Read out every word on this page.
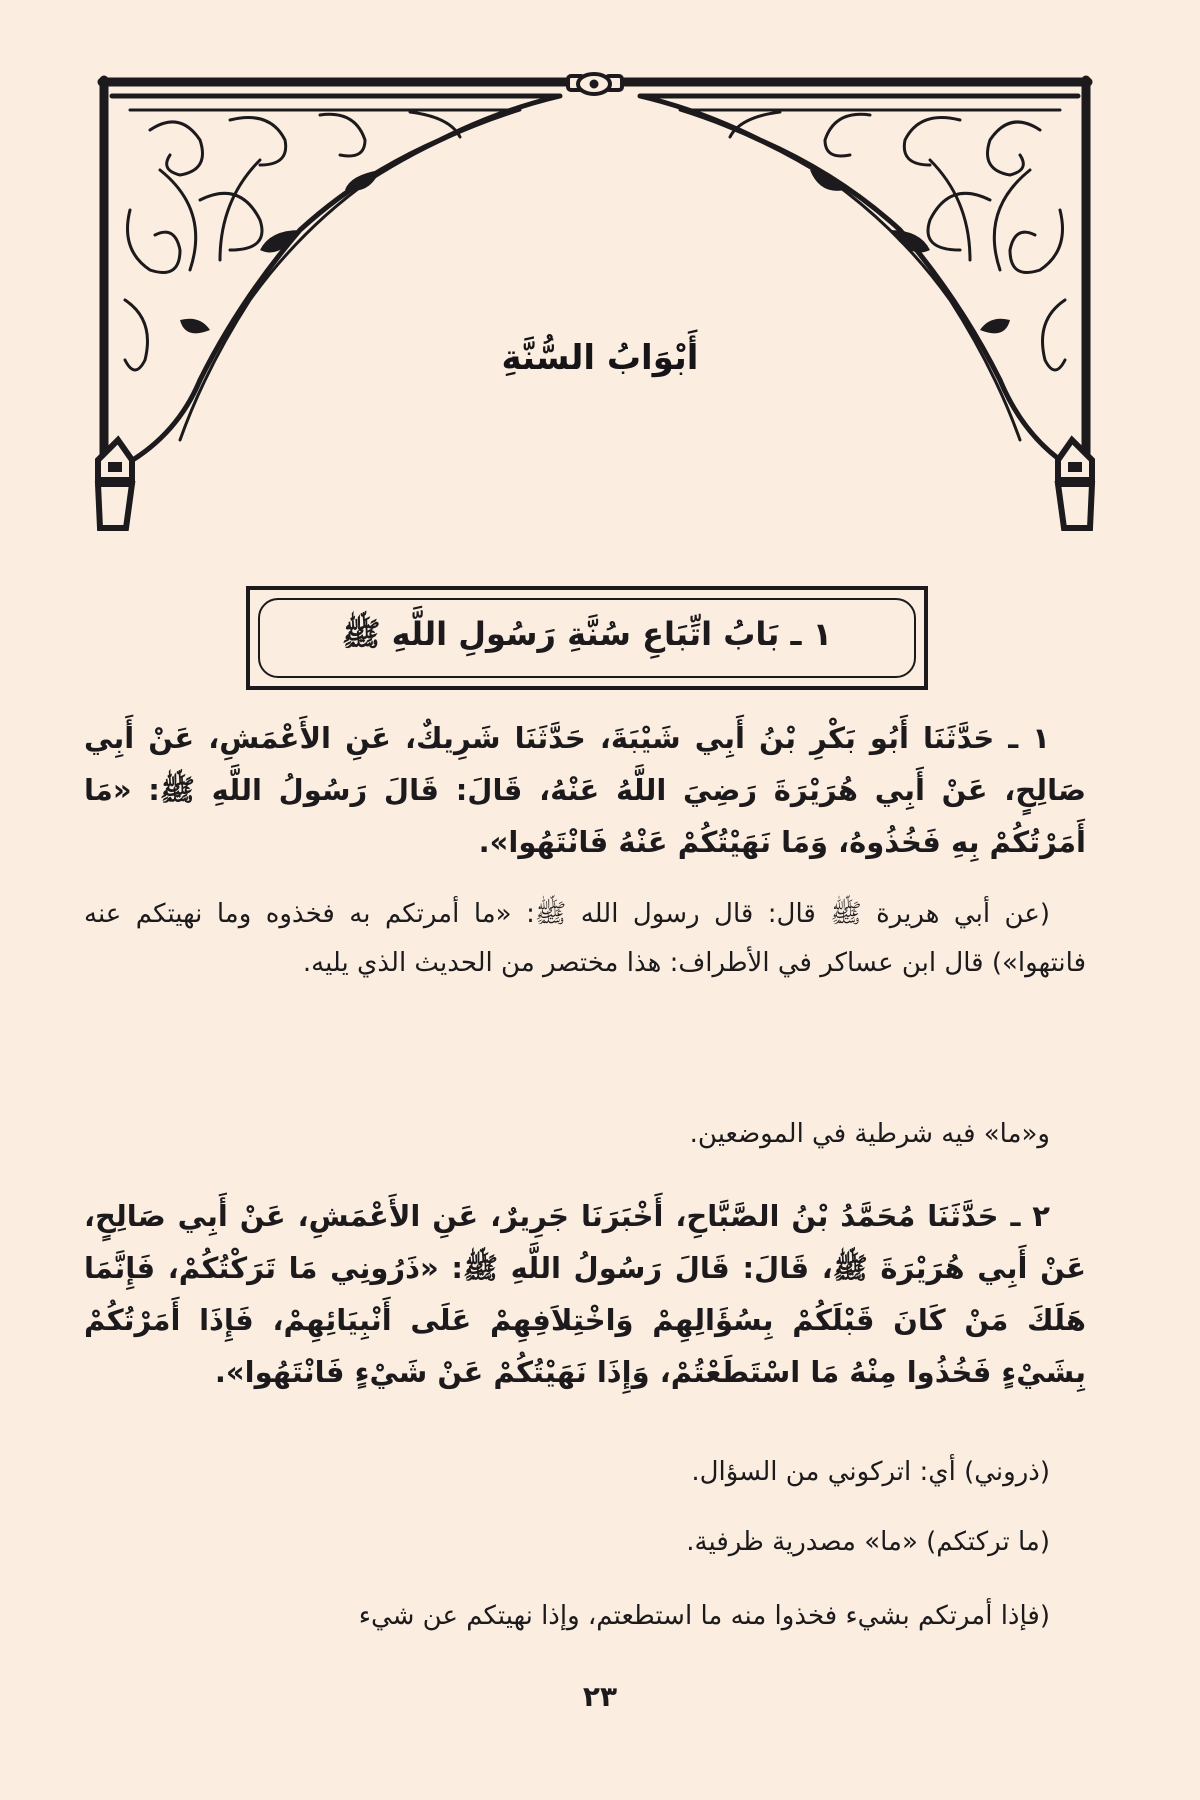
أَبْوَابُ السُّنَّةِ
١ ـ بَابُ اتِّبَاعِ سُنَّةِ رَسُولِ اللَّهِ ﷺ
١ ـ حَدَّثَنَا أَبُو بَكْرِ بْنُ أَبِي شَيْبَةَ، حَدَّثَنَا شَرِيكٌ، عَنِ الأَعْمَشِ، عَنْ أَبِي صَالِحٍ، عَنْ أَبِي هُرَيْرَةَ رَضِيَ اللَّهُ عَنْهُ، قَالَ: قَالَ رَسُولُ اللَّهِ ﷺ: «مَا أَمَرْتُكُمْ بِهِ فَخُذُوهُ، وَمَا نَهَيْتُكُمْ عَنْهُ فَانْتَهُوا».
(عن أبي هريرة ﷺ قال: قال رسول الله ﷺ: «ما أمرتكم به فخذوه وما نهيتكم عنه فانتهوا») قال ابن عساكر في الأطراف: هذا مختصر من الحديث الذي يليه.
و«ما» فيه شرطية في الموضعين.
٢ ـ حَدَّثَنَا مُحَمَّدُ بْنُ الصَّبَّاحِ، أَخْبَرَنَا جَرِيرٌ، عَنِ الأَعْمَشِ، عَنْ أَبِي صَالِحٍ، عَنْ أَبِي هُرَيْرَةَ ﷺ، قَالَ: قَالَ رَسُولُ اللَّهِ ﷺ: «ذَرُونِي مَا تَرَكْتُكُمْ، فَإِنَّمَا هَلَكَ مَنْ كَانَ قَبْلَكُمْ بِسُؤَالِهِمْ وَاخْتِلاَفِهِمْ عَلَى أَنْبِيَائِهِمْ، فَإِذَا أَمَرْتُكُمْ بِشَيْءٍ فَخُذُوا مِنْهُ مَا اسْتَطَعْتُمْ، وَإِذَا نَهَيْتُكُمْ عَنْ شَيْءٍ فَانْتَهُوا».
(ذروني) أي: اتركوني من السؤال.
(ما تركتكم) «ما» مصدرية ظرفية.
(فإذا أمرتكم بشيء فخذوا منه ما استطعتم، وإذا نهيتكم عن شيء
٢٣
